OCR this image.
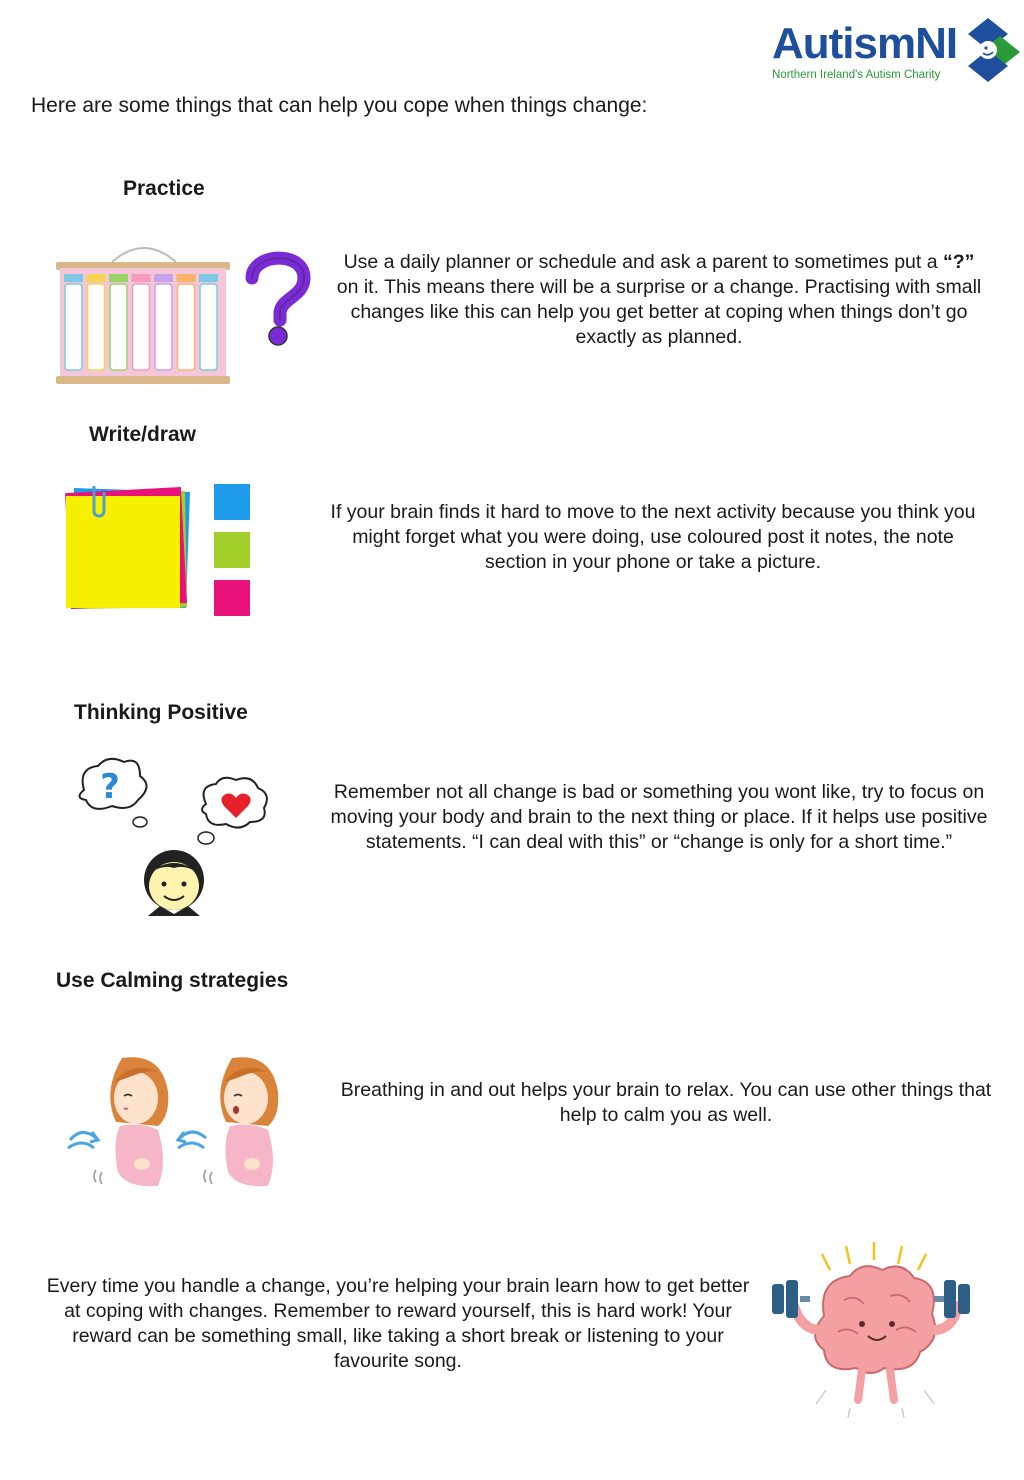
AutismNI
Northern Ireland's Autism Charity
Here are some things that can help you cope when things change:
Practice

Use a daily planner or schedule and ask a parent to sometimes put a “?” on it. This means there will be a surprise or a change. Practising with small changes like this can help you get better at coping when things don’t go exactly as planned.

Write/draw

If your brain finds it hard to move to the next activity because you think you might forget what you were doing, use coloured post it notes, the note section in your phone or take a picture.

Thinking Positive
?	Remember not all change is bad or something you wont like, try to focus on moving your body and brain to the next thing or place. If it helps use positive statements. “I can deal with this” or “change is only for a short time.”

Use Calming strategies

Breathing in and out helps your brain to relax. You can use other things that help to calm you as well.

Every time you handle a change, you’re helping your brain learn how to get better at coping with changes. Remember to reward yourself, this is hard work! Your reward can be something small, like taking a short break or listening to your favourite song.
